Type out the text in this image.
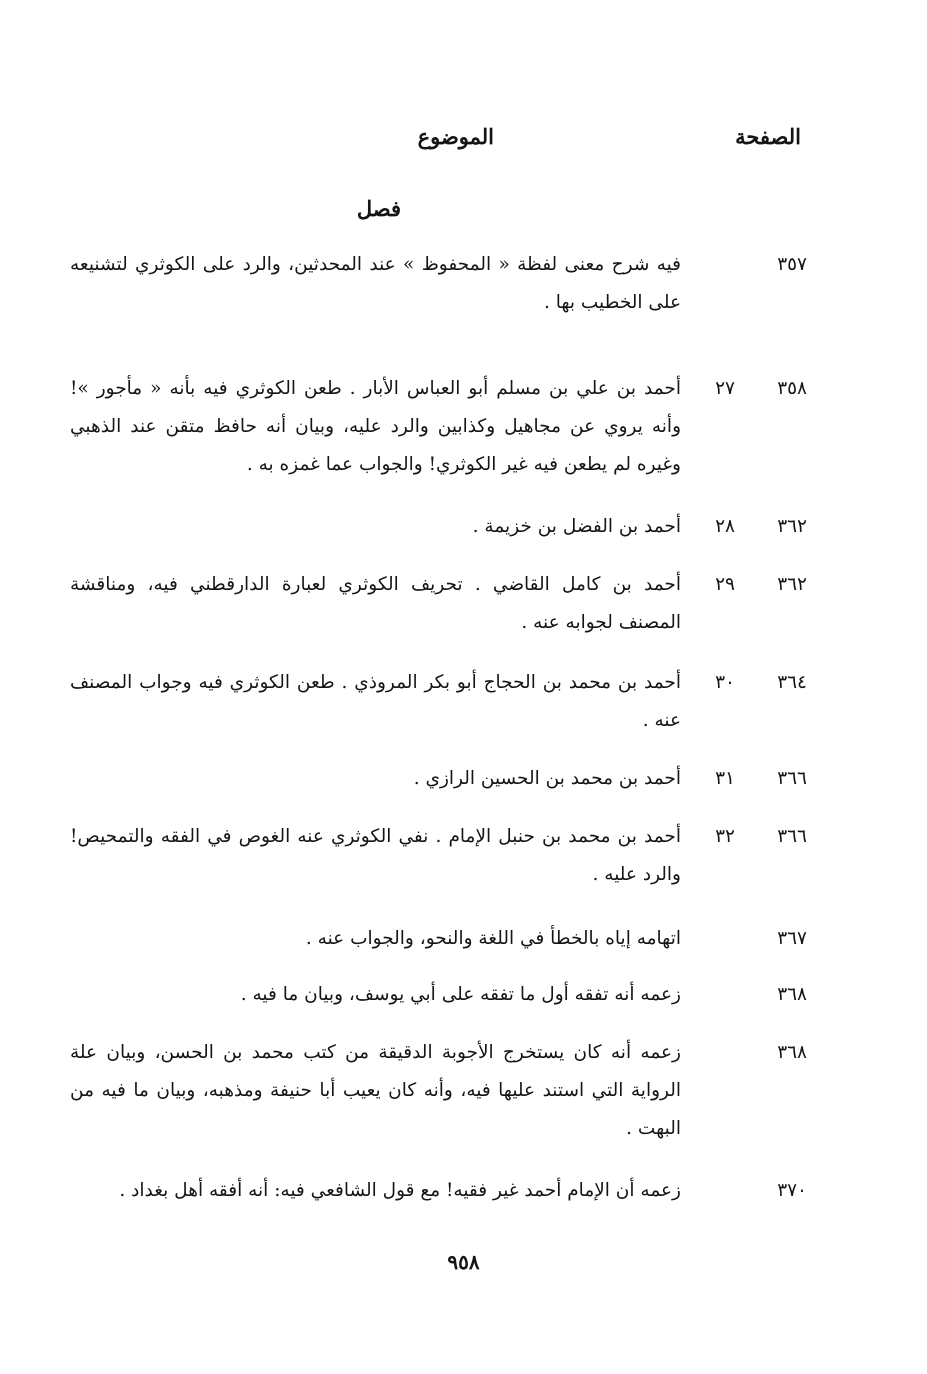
الصفحة
الموضوع
فصل
٣٥٧
فيه شرح معنى لفظة « المحفوظ » عند المحدثين، والرد على الكوثري لتشنيعه على الخطيب بها .
٣٥٨
٢٧
أحمد بن علي بن مسلم أبو العباس الأبار . طعن الكوثري فيه بأنه « مأجور »! وأنه يروي عن مجاهيل وكذابين والرد عليه، وبيان أنه حافظ متقن عند الذهبي وغيره لم يطعن فيه غير الكوثري! والجواب عما غمزه به .
٣٦٢
٢٨
أحمد بن الفضل بن خزيمة .
٣٦٢
٢٩
أحمد بن كامل القاضي . تحريف الكوثري لعبارة الدارقطني فيه، ومناقشة المصنف لجوابه عنه .
٣٦٤
٣٠
أحمد بن محمد بن الحجاج أبو بكر المروذي . طعن الكوثري فيه وجواب المصنف عنه .
٣٦٦
٣١
أحمد بن محمد بن الحسين الرازي .
٣٦٦
٣٢
أحمد بن محمد بن حنبل الإمام . نفي الكوثري عنه الغوص في الفقه والتمحيص! والرد عليه .
٣٦٧
اتهامه إياه بالخطأ في اللغة والنحو، والجواب عنه .
٣٦٨
زعمه أنه تفقه أول ما تفقه على أبي يوسف، وبيان ما فيه .
٣٦٨
زعمه أنه كان يستخرج الأجوبة الدقيقة من كتب محمد بن الحسن، وبيان علة الرواية التي استند عليها فيه، وأنه كان يعيب أبا حنيفة ومذهبه، وبيان ما فيه من البهت .
٣٧٠
زعمه أن الإمام أحمد غير فقيه! مع قول الشافعي فيه: أنه أفقه أهل بغداد .
٩٥٨
